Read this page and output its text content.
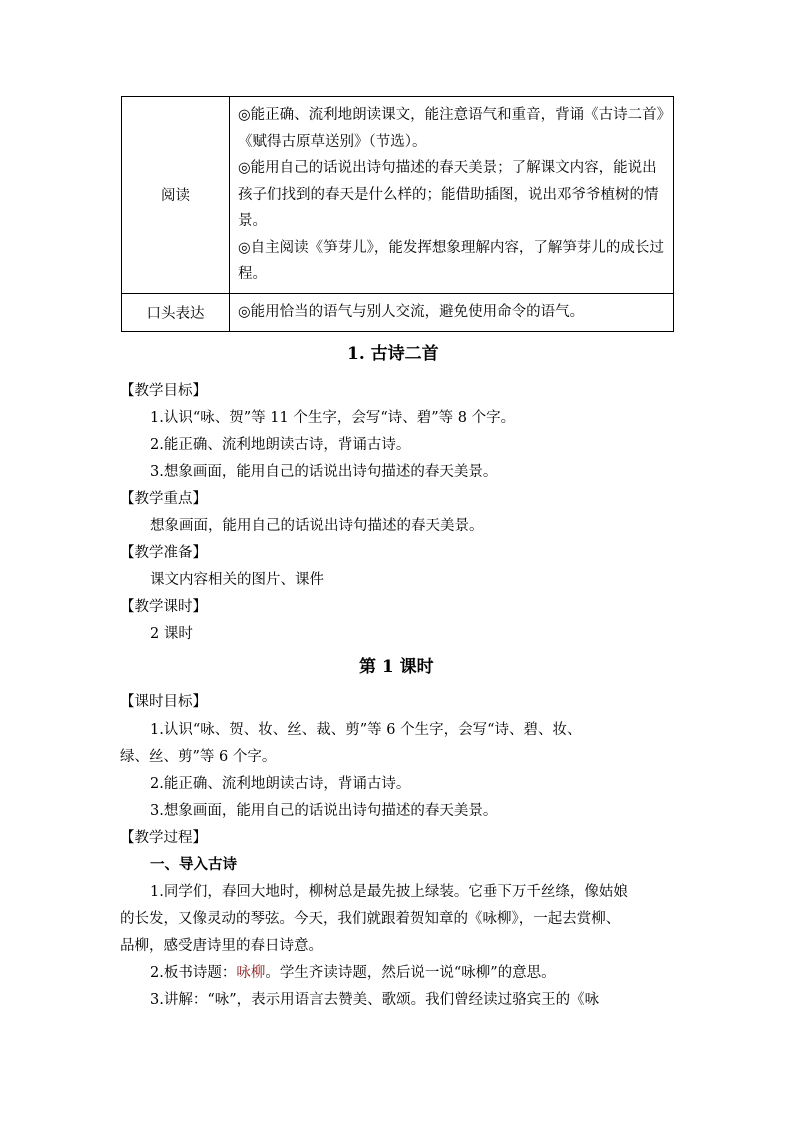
阅读	◎能正确、流利地朗读课文，能注意语气和重音，背诵《古诗二首》《赋得古原草送别》（节选）。

◎能用自己的话说出诗句描述的春天美景；了解课文内容，能说出孩子们找到的春天是什么样的；能借助插图，说出邓爷爷植树的情景。

◎自主阅读《笋芽儿》，能发挥想象理解内容，了解笋芽儿的成长过程。

口头表达	◎能用恰当的语气与别人交流，避免使用命令的语气。

1. 古诗二首
【教学目标】
1.认识“咏、贺”等 11 个生字，会写“诗、碧”等 8 个字。
2.能正确、流利地朗读古诗，背诵古诗。
3.想象画面，能用自己的话说出诗句描述的春天美景。
【教学重点】
想象画面，能用自己的话说出诗句描述的春天美景。
【教学准备】
课文内容相关的图片、课件
【教学课时】
2 课时
第 1 课时
【课时目标】
1.认识“咏、贺、妆、丝、裁、剪”等 6 个生字，会写“诗、碧、妆、
绿、丝、剪”等 6 个字。
2.能正确、流利地朗读古诗，背诵古诗。
3.想象画面，能用自己的话说出诗句描述的春天美景。
【教学过程】
一、导入古诗
1.同学们，春回大地时，柳树总是最先披上绿装。它垂下万千丝绦，像姑娘
的长发，又像灵动的琴弦。今天，我们就跟着贺知章的《咏柳》，一起去赏柳、
品柳，感受唐诗里的春日诗意。
2.板书诗题：咏柳。学生齐读诗题，然后说一说“咏柳”的意思。
3.讲解：“咏”，表示用语言去赞美、歌颂。我们曾经读过骆宾王的《咏
